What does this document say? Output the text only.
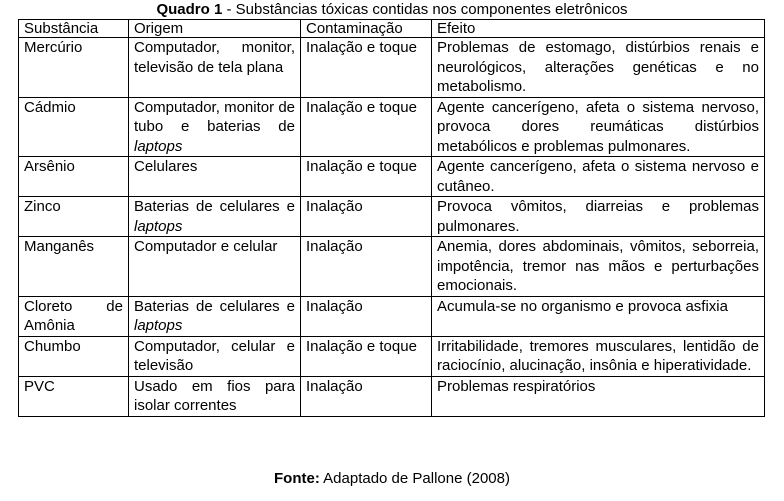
Quadro 1 - Substâncias tóxicas contidas nos componentes eletrônicos
Substância	Origem	Contaminação	Efeito
Mercúrio	Computador, monitor, televisão de tela plana	Inalação e toque	Problemas de estomago, distúrbios renais e neurológicos, alterações genéticas e no metabolismo.
Cádmio	Computador, monitor de tubo e baterias de laptops	Inalação e toque	Agente cancerígeno, afeta o sistema nervoso, provoca dores reumáticas distúrbios metabólicos e problemas pulmonares.
Arsênio	Celulares	Inalação e toque	Agente cancerígeno, afeta o sistema nervoso e cutâneo.
Zinco	Baterias de celulares e laptops	Inalação	Provoca vômitos, diarreias e problemas pulmonares.
Manganês	Computador e celular	Inalação	Anemia, dores abdominais, vômitos, seborreia, impotência, tremor nas mãos e perturbações emocionais.
Cloreto de Amônia	Baterias de celulares e laptops	Inalação	Acumula-se no organismo e provoca asfixia
Chumbo	Computador, celular e televisão	Inalação e toque	Irritabilidade, tremores musculares, lentidão de raciocínio, alucinação, insônia e hiperatividade.
PVC	Usado em fios para isolar correntes	Inalação	Problemas respiratórios
Fonte: Adaptado de Pallone (2008)
